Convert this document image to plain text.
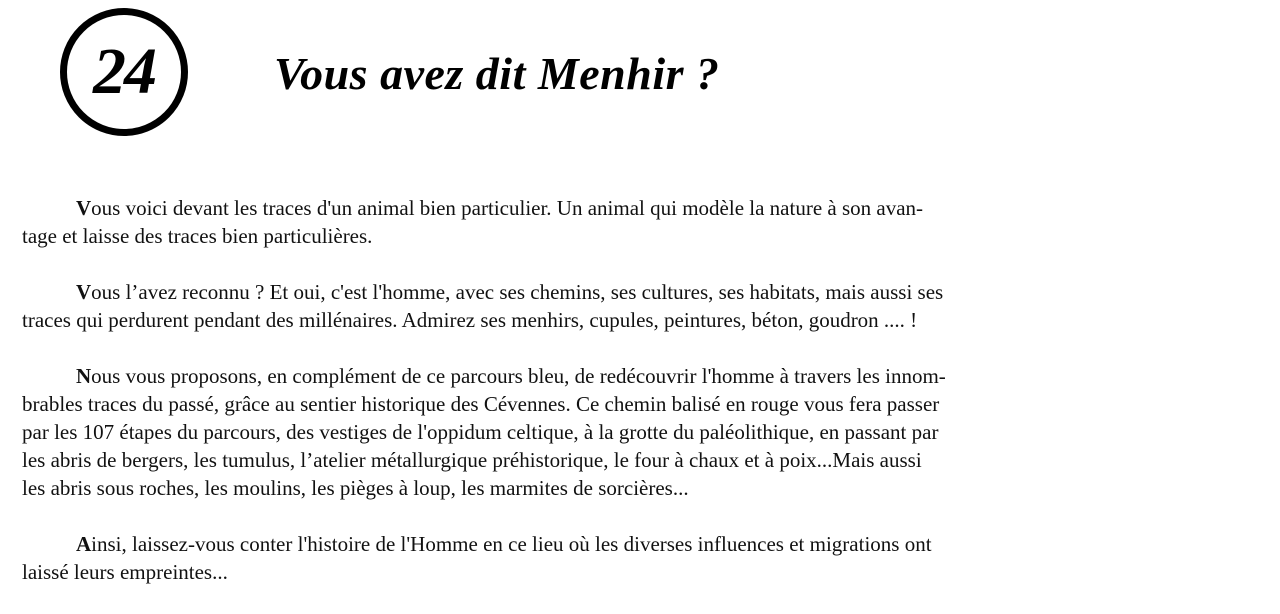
24	Vous avez dit Menhir ?

Vous voici devant les traces d'un animal bien particulier. Un animal qui modèle la nature à son avan-
tage et laisse des traces bien particulières.

Vous l’avez reconnu ? Et oui, c'est l'homme, avec ses chemins, ses cultures, ses habitats, mais aussi ses
traces qui perdurent pendant des millénaires. Admirez ses menhirs, cupules, peintures, béton, goudron .... !

Nous vous proposons, en complément de ce parcours bleu, de redécouvrir l'homme à travers les innom-
brables traces du passé, grâce au sentier historique des Cévennes. Ce chemin balisé en rouge vous fera passer
par les 107 étapes du parcours, des vestiges de l'oppidum celtique, à la grotte du paléolithique, en passant par
les abris de bergers, les tumulus, l’atelier métallurgique préhistorique, le four à chaux et à poix...Mais aussi
les abris sous roches, les moulins, les pièges à loup, les marmites de sorcières...

Ainsi, laissez-vous conter l'histoire de l'Homme en ce lieu où les diverses influences et migrations ont
laissé leurs empreintes...
